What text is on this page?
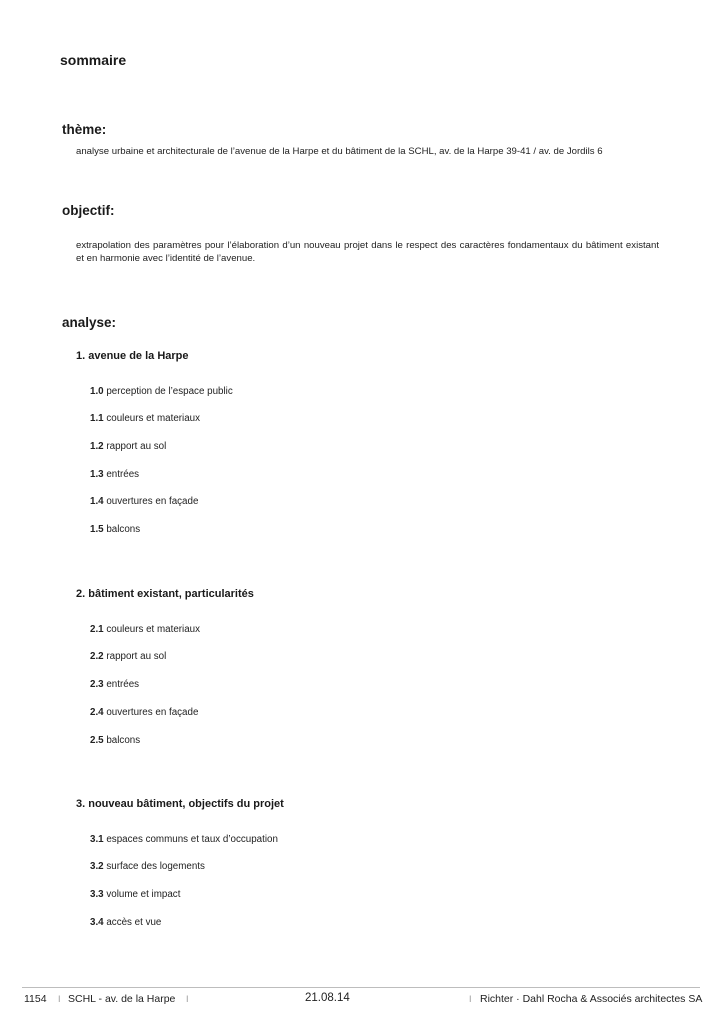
sommaire
thème:
analyse urbaine et architecturale de l’avenue de la Harpe et du bâtiment de la SCHL, av. de la Harpe 39-41 / av. de Jordils 6
objectif:
extrapolation des paramètres pour l’élaboration d’un nouveau projet dans le respect des caractères fondamentaux du bâtiment existant et en harmonie avec l’identité de l’avenue.
analyse:
1. avenue de la Harpe
1.0 perception de l’espace public
1.1 couleurs et materiaux
1.2 rapport au sol
1.3 entrées
1.4 ouvertures en façade
1.5 balcons
2. bâtiment existant, particularités
2.1 couleurs et materiaux
2.2 rapport au sol
2.3 entrées
2.4 ouvertures en façade
2.5 balcons
3. nouveau bâtiment, objectifs du projet
3.1 espaces communs et taux d’occupation
3.2 surface des logements
3.3 volume et impact
3.4 accès et vue
1154 I SCHL - av. de la Harpe I	21.08.14	I Richter · Dahl Rocha & Associés architectes SA
